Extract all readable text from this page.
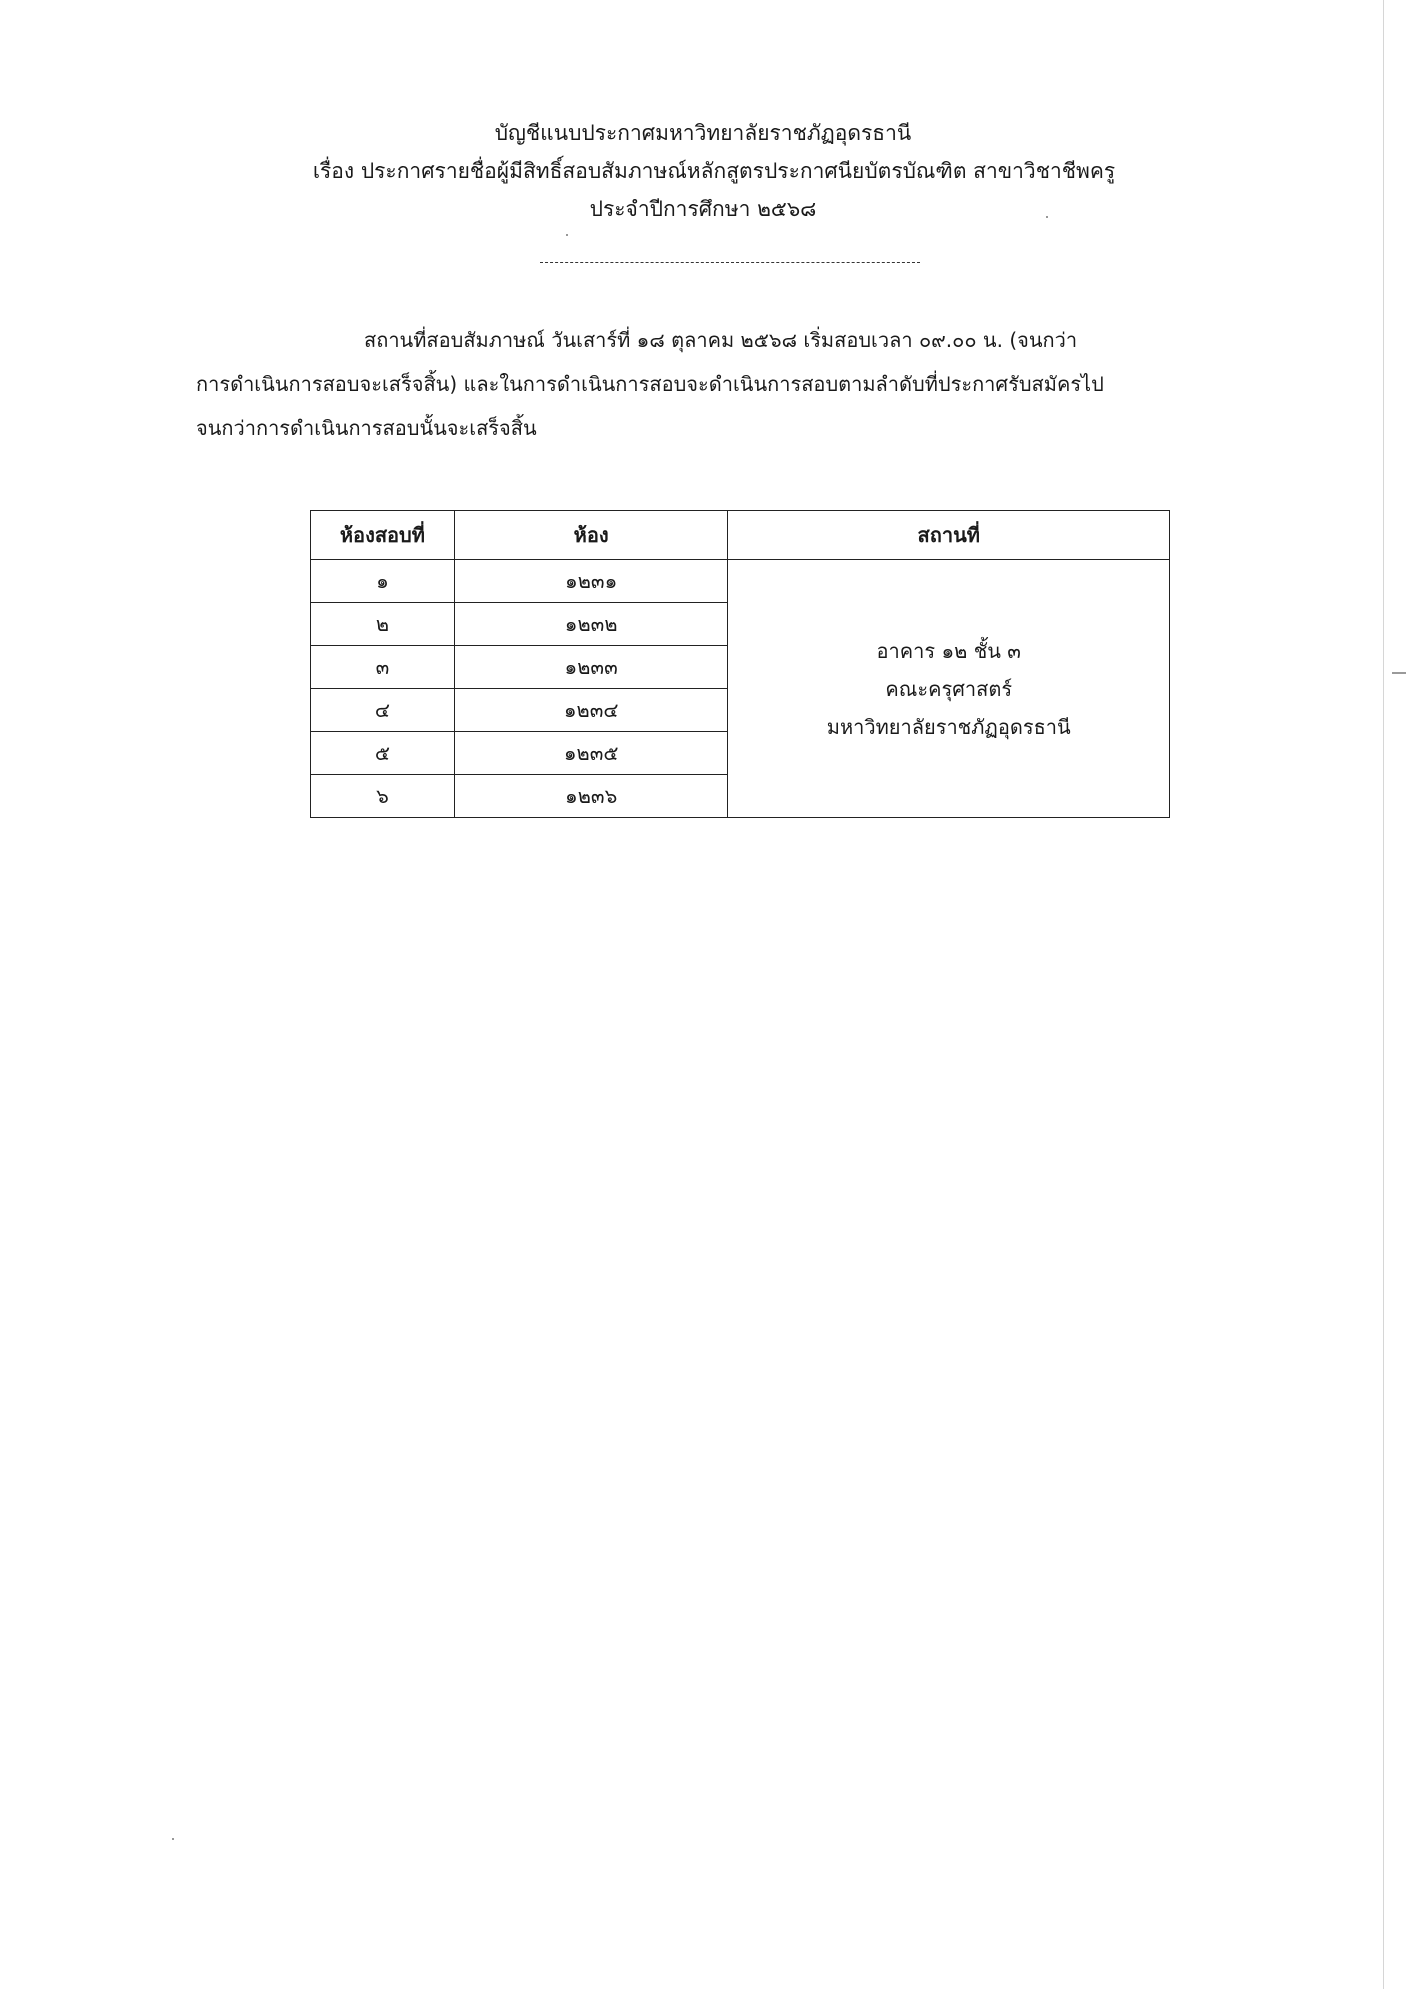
บัญชีแนบประกาศมหาวิทยาลัยราชภัฏอุดรธานี
เรื่อง ประกาศรายชื่อผู้มีสิทธิ์สอบสัมภาษณ์หลักสูตรประกาศนียบัตรบัณฑิต สาขาวิชาชีพครู
ประจำปีการศึกษา ๒๕๖๘

สถานที่สอบสัมภาษณ์ วันเสาร์ที่ ๑๘ ตุลาคม ๒๕๖๘ เริ่มสอบเวลา ๐๙.๐๐ น. (จนกว่า
การดำเนินการสอบจะเสร็จสิ้น) และในการดำเนินการสอบจะดำเนินการสอบตามลำดับที่ประกาศรับสมัครไป
จนกว่าการดำเนินการสอบนั้นจะเสร็จสิ้น

ห้องสอบที่	ห้อง	สถานที่
๑	๑๒๓๑	อาคาร ๑๒ ชั้น ๓
คณะครุศาสตร์
มหาวิทยาลัยราชภัฏอุดรธานี

๒	๑๒๓๒	
๓	๑๒๓๓	
๔	๑๒๓๔	
๕	๑๒๓๕	
๖	๑๒๓๖	
